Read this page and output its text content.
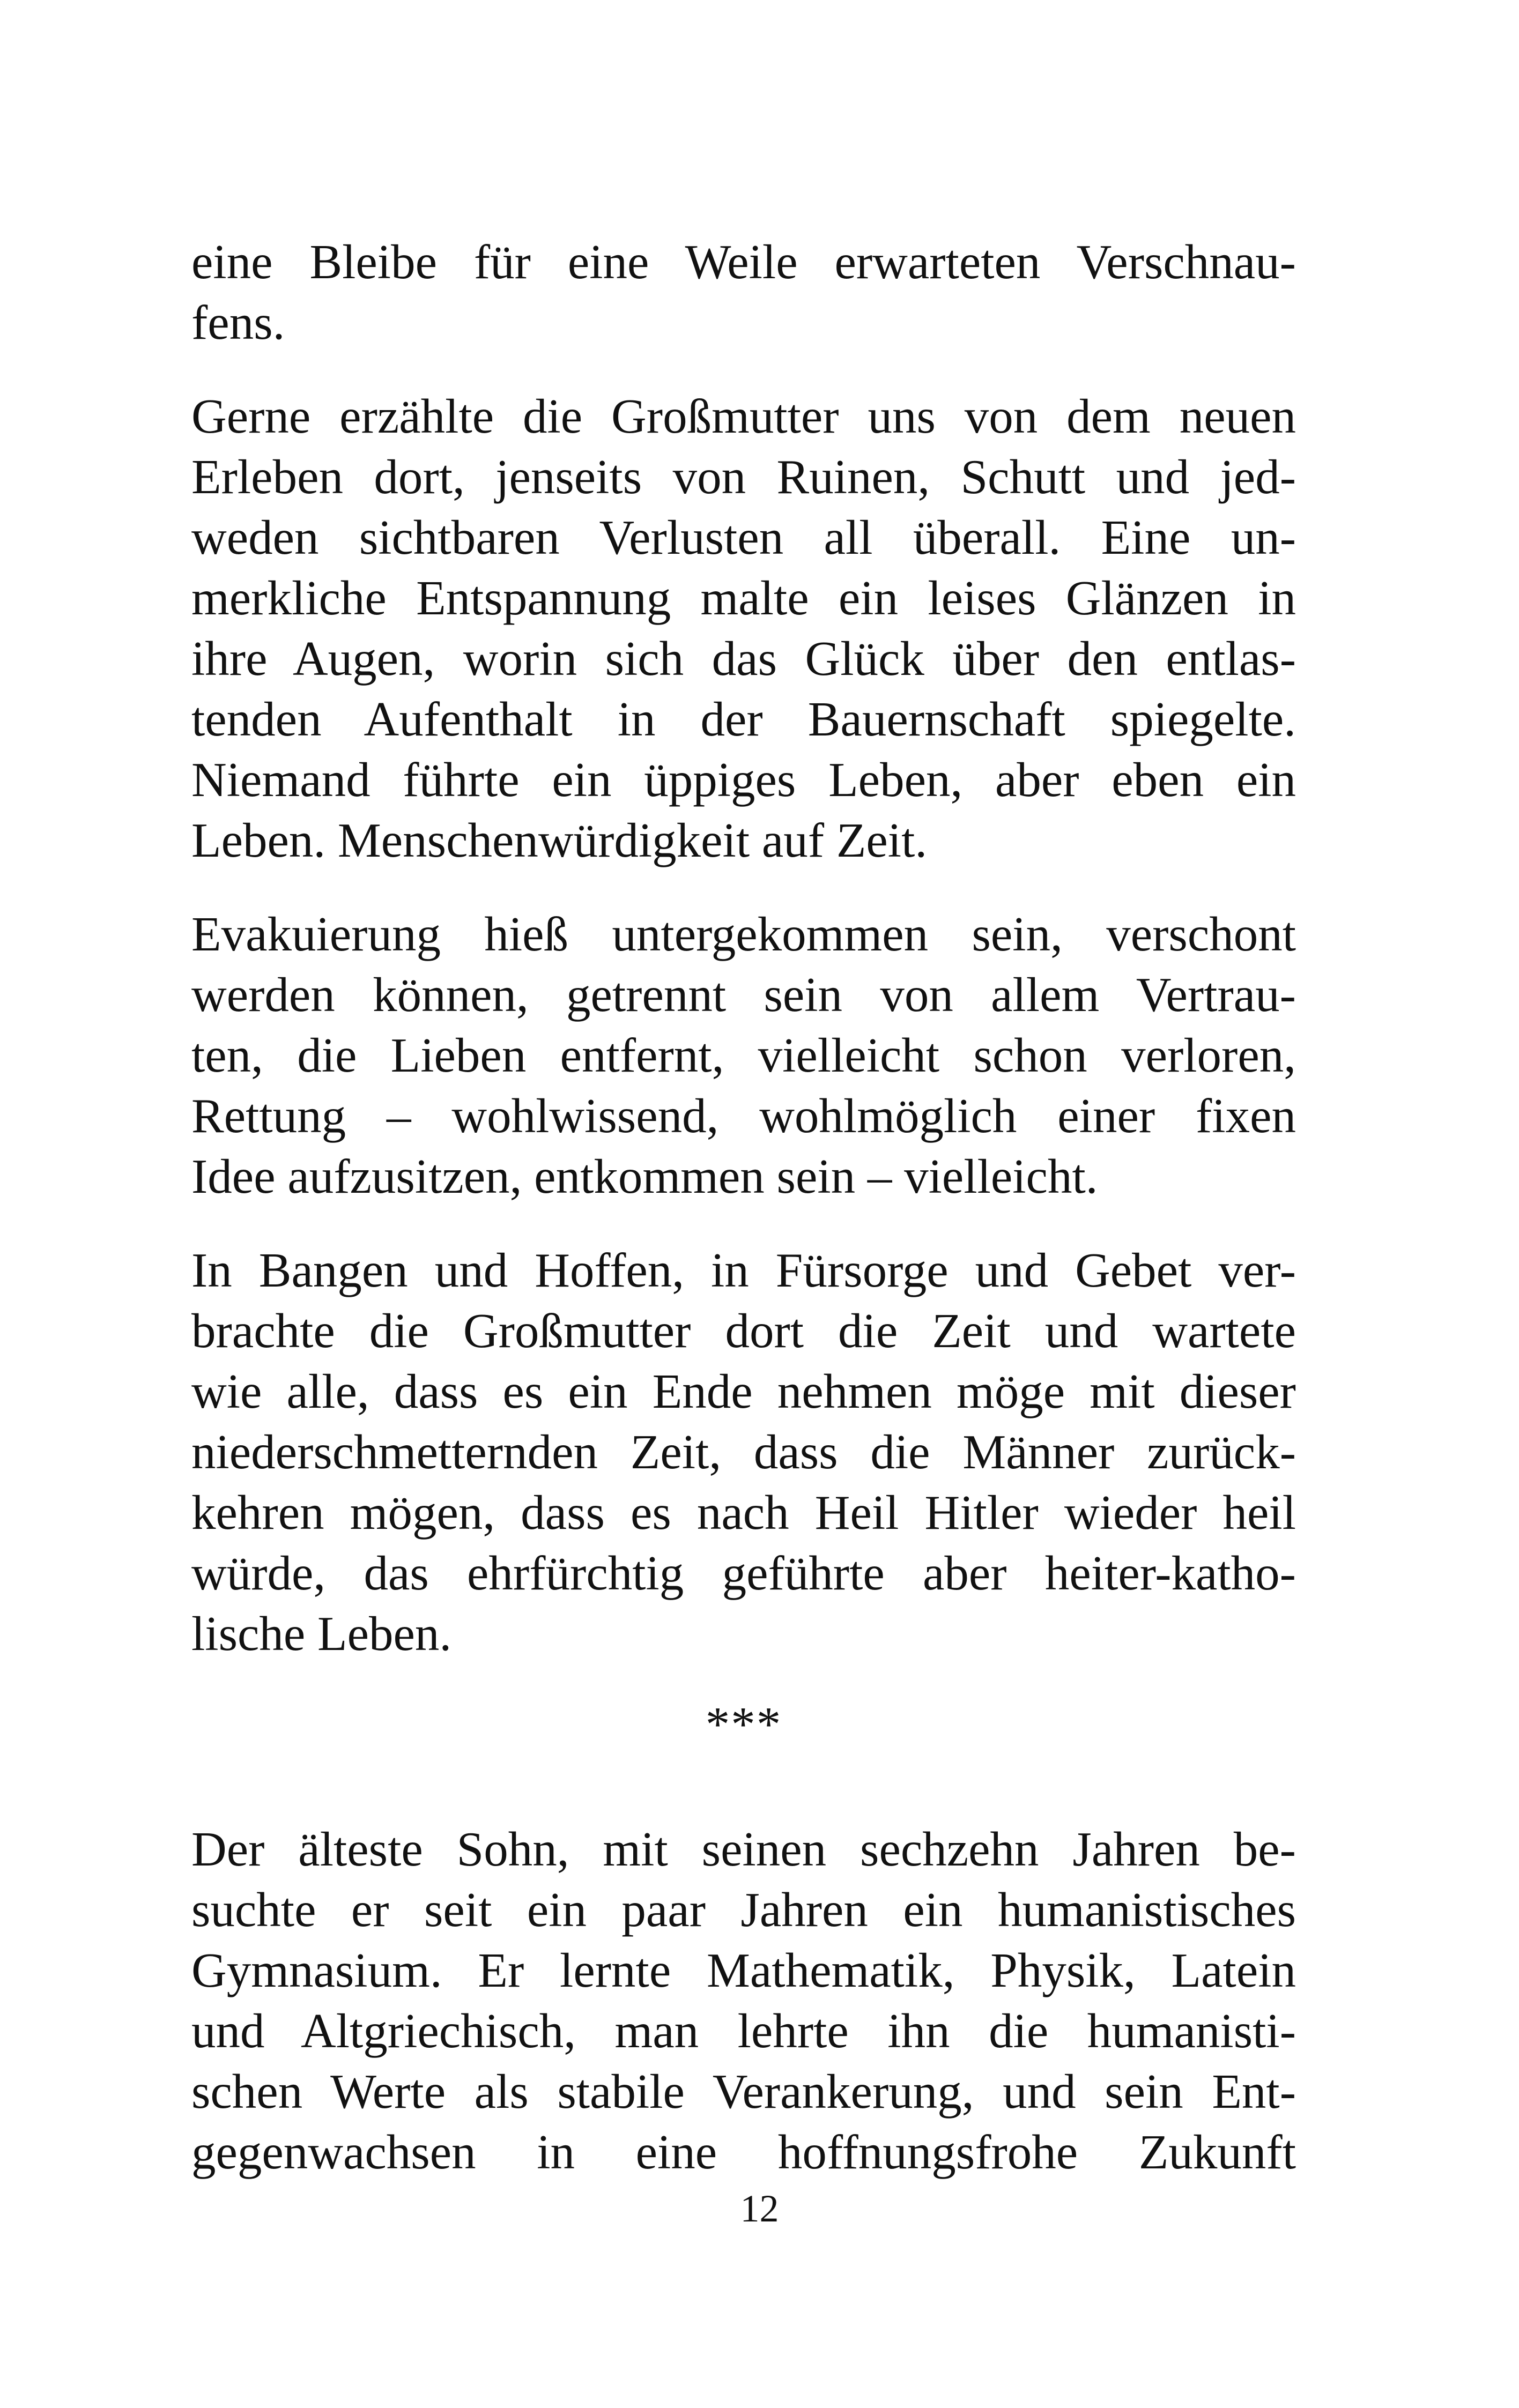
eine Bleibe für eine Weile erwarteten Verschnau-
fens.

Gerne erzählte die Großmutter uns von dem neuen
Erleben dort, jenseits von Ruinen, Schutt und jed-
weden sichtbaren Verlusten all überall. Eine un-
merkliche Entspannung malte ein leises Glänzen in
ihre Augen, worin sich das Glück über den entlas-
tenden Aufenthalt in der Bauernschaft spiegelte.
Niemand führte ein üppiges Leben, aber eben ein
Leben. Menschenwürdigkeit auf Zeit.

Evakuierung hieß untergekommen sein, verschont
werden können, getrennt sein von allem Vertrau-
ten, die Lieben entfernt, vielleicht schon verloren,
Rettung – wohlwissend, wohlmöglich einer fixen
Idee aufzusitzen, entkommen sein – vielleicht.

In Bangen und Hoffen, in Fürsorge und Gebet ver-
brachte die Großmutter dort die Zeit und wartete
wie alle, dass es ein Ende nehmen möge mit dieser
niederschmetternden Zeit, dass die Männer zurück-
kehren mögen, dass es nach Heil Hitler wieder heil
würde, das ehrfürchtig geführte aber heiter-katho-
lische Leben.

***

Der älteste Sohn, mit seinen sechzehn Jahren be-
suchte er seit ein paar Jahren ein humanistisches
Gymnasium. Er lernte Mathematik, Physik, Latein
und Altgriechisch, man lehrte ihn die humanisti-
schen Werte als stabile Verankerung, und sein Ent-
gegenwachsen in eine hoffnungsfrohe Zukunft

12
